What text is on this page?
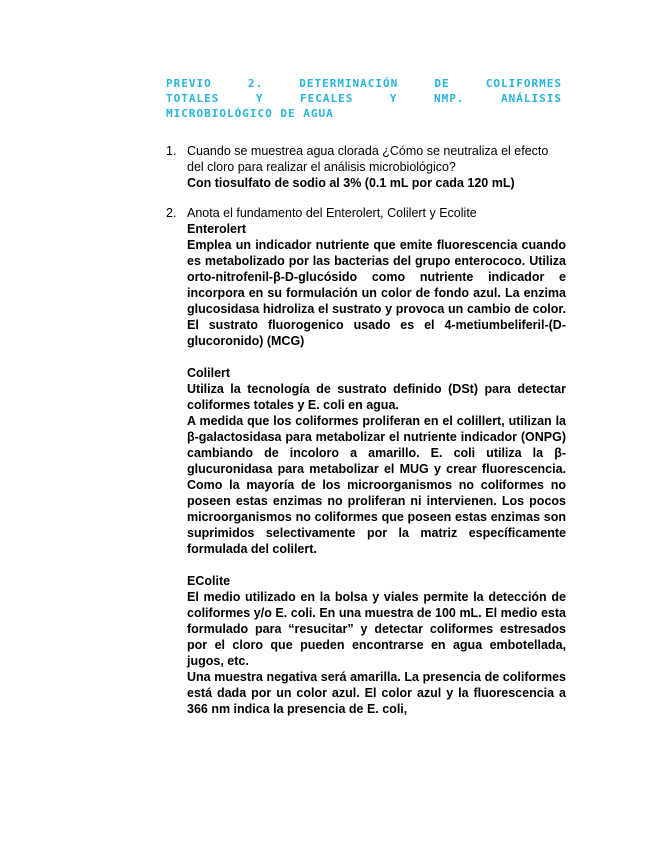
PREVIO 2. DETERMINACIÓN DE COLIFORMES
TOTALES Y FECALES Y NMP. ANÁLISIS
MICROBIOLÓGICO DE AGUA
1. Cuando se muestrea agua clorada ¿Cómo se neutraliza el efecto
del cloro para realizar el análisis microbiológico?
Con tiosulfato de sodio al 3% (0.1 mL por cada 120 mL)
2. Anota el fundamento del Enterolert, Colilert y Ecolite
Enterolert
Emplea un indicador nutriente que emite fluorescencia cuando es metabolizado por las bacterias del grupo enterococo. Utiliza orto-nitrofenil-β-D-glucósido como nutriente indicador e incorpora en su formulación un color de fondo azul. La enzima glucosidasa hidroliza el sustrato y provoca un cambio de color. El sustrato fluorogenico usado es el 4-metiumbeliferil-(D-glucoronido) (MCG)
Colilert
Utiliza la tecnología de sustrato definido (DSt) para detectar coliformes totales y E. coli en agua.
A medida que los coliformes proliferan en el colillert, utilizan la β-galactosidasa para metabolizar el nutriente indicador (ONPG) cambiando de incoloro a amarillo. E. coli utiliza la β-glucuronidasa para metabolizar el MUG y crear fluorescencia. Como la mayoría de los microorganismos no coliformes no poseen estas enzimas no proliferan ni intervienen. Los pocos microorganismos no coliformes que poseen estas enzimas son suprimidos selectivamente por la matriz específicamente formulada del colilert.
EColite
El medio utilizado en la bolsa y viales permite la detección de coliformes y/o E. coli. En una muestra de 100 mL. El medio esta formulado para “resucitar” y detectar coliformes estresados por el cloro que pueden encontrarse en agua embotellada, jugos, etc.
Una muestra negativa será amarilla. La presencia de coliformes está dada por un color azul. El color azul y la fluorescencia a 366 nm indica la presencia de E. coli,
